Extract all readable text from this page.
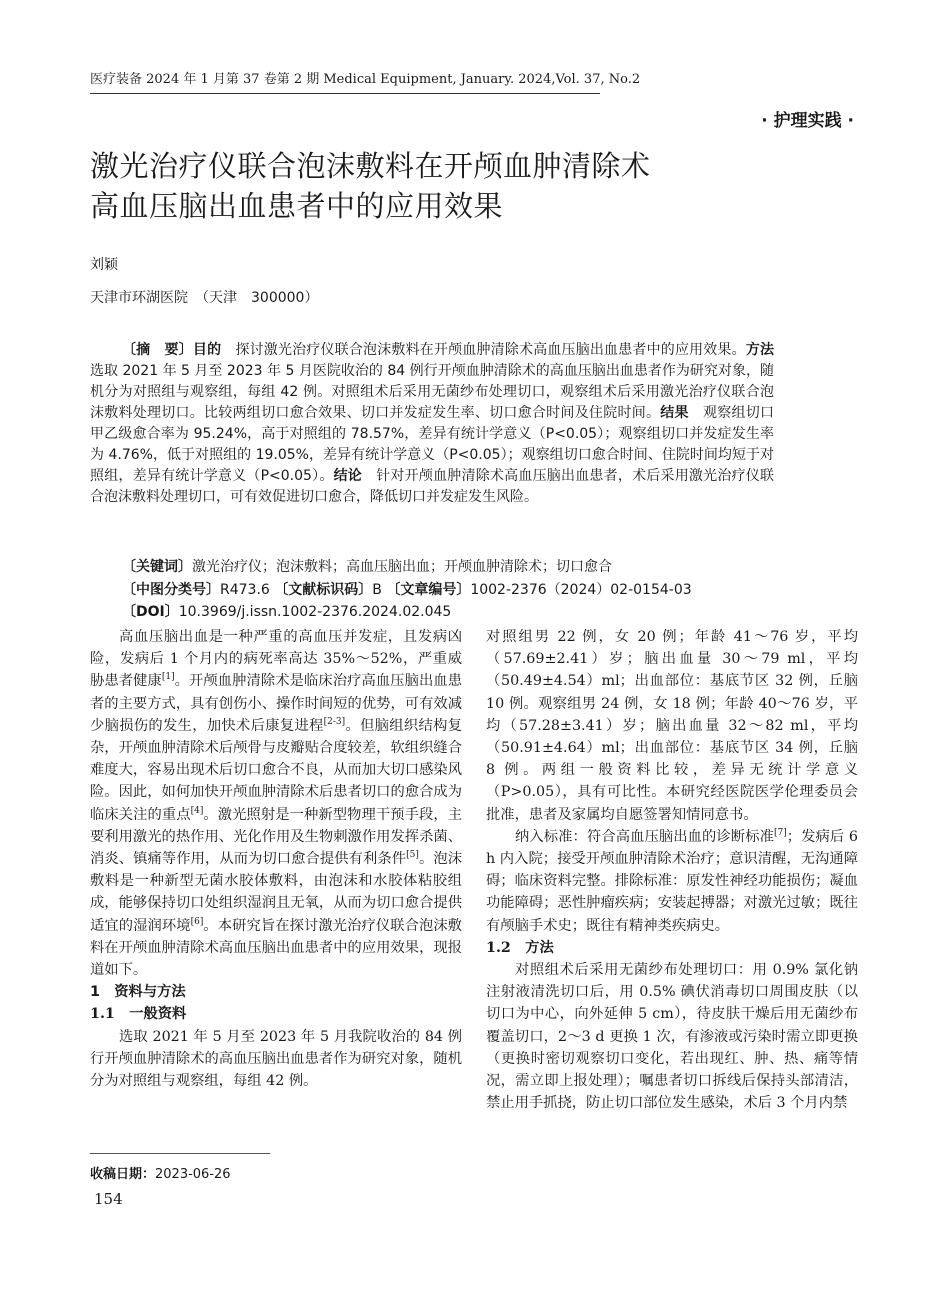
医疗装备 2024 年 1 月第 37 卷第 2 期 Medical Equipment, January. 2024,Vol. 37, No.2
· 护理实践 ·
激光治疗仪联合泡沫敷料在开颅血肿清除术
高血压脑出血患者中的应用效果
刘颖
天津市环湖医院　（天津　300000）

〔摘　要〕目的　 探讨激光治疗仪联合泡沫敷料在开颅血肿清除术高血压脑出血患者中的应用效果。方法　选取 2021 年 5 月至 2023 年 5 月医院收治的 84 例行开颅血肿清除术的高血压脑出血患者作为研究对象，随机分为对照组与观察组，每组 42 例。对照组术后采用无菌纱布处理切口，观察组术后采用激光治疗仪联合泡沫敷料处理切口。比较两组切口愈合效果、切口并发症发生率、切口愈合时间及住院时间。结果　 观察组切口甲乙级愈合率为 95.24%，高于对照组的 78.57%，差异有统计学意义（P<0.05）；观察组切口并发症发生率为 4.76%，低于对照组的 19.05%，差异有统计学意义（P<0.05）；观察组切口愈合时间、住院时间均短于对照组，差异有统计学意义（P<0.05）。结论　 针对开颅血肿清除术高血压脑出血患者，术后采用激光治疗仪联合泡沫敷料处理切口，可有效促进切口愈合，降低切口并发症发生风险。

〔关键词〕激光治疗仪；泡沫敷料；高血压脑出血；开颅血肿清除术；切口愈合
〔中图分类号〕R473.6 〔文献标识码〕B 〔文章编号〕1002-2376（2024）02-0154-03
〔DOI〕10.3969/j.issn.1002-2376.2024.02.045

高血压脑出血是一种严重的高血压并发症，且发病凶险，发病后 1 个月内的病死率高达 35%～52%，严重威胁患者健康[1]。开颅血肿清除术是临床治疗高血压脑出血患者的主要方式，具有创伤小、操作时间短的优势，可有效减少脑损伤的发生，加快术后康复进程[2-3]。但脑组织结构复杂，开颅血肿清除术后颅骨与皮瓣贴合度较差，软组织缝合难度大，容易出现术后切口愈合不良，从而加大切口感染风险。因此，如何加快开颅血肿清除术后患者切口的愈合成为临床关注的重点[4]。激光照射是一种新型物理干预手段，主要利用激光的热作用、光化作用及生物刺激作用发挥杀菌、消炎、镇痛等作用，从而为切口愈合提供有利条件[5]。泡沫敷料是一种新型无菌水胶体敷料，由泡沫和水胶体粘胶组成，能够保持切口处组织湿润且无氧，从而为切口愈合提供适宜的湿润环境[6]。本研究旨在探讨激光治疗仪联合泡沫敷料在开颅血肿清除术高血压脑出血患者中的应用效果，现报道如下。

1　资料与方法

1.1　一般资料

选取 2021 年 5 月至 2023 年 5 月我院收治的 84 例行开颅血肿清除术的高血压脑出血患者作为研究对象，随机分为对照组与观察组，每组 42 例。

对照组男 22 例，女 20 例；年龄 41～76 岁，平均（57.69±2.41）岁；脑出血量 30～79 ml，平均（50.49±4.54）ml；出血部位：基底节区 32 例，丘脑 10 例。观察组男 24 例，女 18 例；年龄 40～76 岁，平均（57.28±3.41）岁；脑出血量 32～82 ml，平均（50.91±4.64）ml；出血部位：基底节区 34 例，丘脑 8 例。两组一般资料比较，差异无统计学意义（P>0.05），具有可比性。本研究经医院医学伦理委员会批准，患者及家属均自愿签署知情同意书。

纳入标准：符合高血压脑出血的诊断标准[7]；发病后 6 h 内入院；接受开颅血肿清除术治疗；意识清醒，无沟通障碍；临床资料完整。排除标准：原发性神经功能损伤；凝血功能障碍；恶性肿瘤疾病；安装起搏器；对激光过敏；既往有颅脑手术史；既往有精神类疾病史。

1.2　方法

对照组术后采用无菌纱布处理切口：用 0.9% 氯化钠注射液清洗切口后，用 0.5% 碘伏消毒切口周围皮肤（以切口为中心，向外延伸 5 cm），待皮肤干燥后用无菌纱布覆盖切口，2～3 d 更换 1 次，有渗液或污染时需立即更换（更换时密切观察切口变化，若出现红、肿、热、痛等情况，需立即上报处理）；嘱患者切口拆线后保持头部清洁，禁止用手抓挠，防止切口部位发生感染，术后 3 个月内禁

收稿日期：2023-06-26
154
